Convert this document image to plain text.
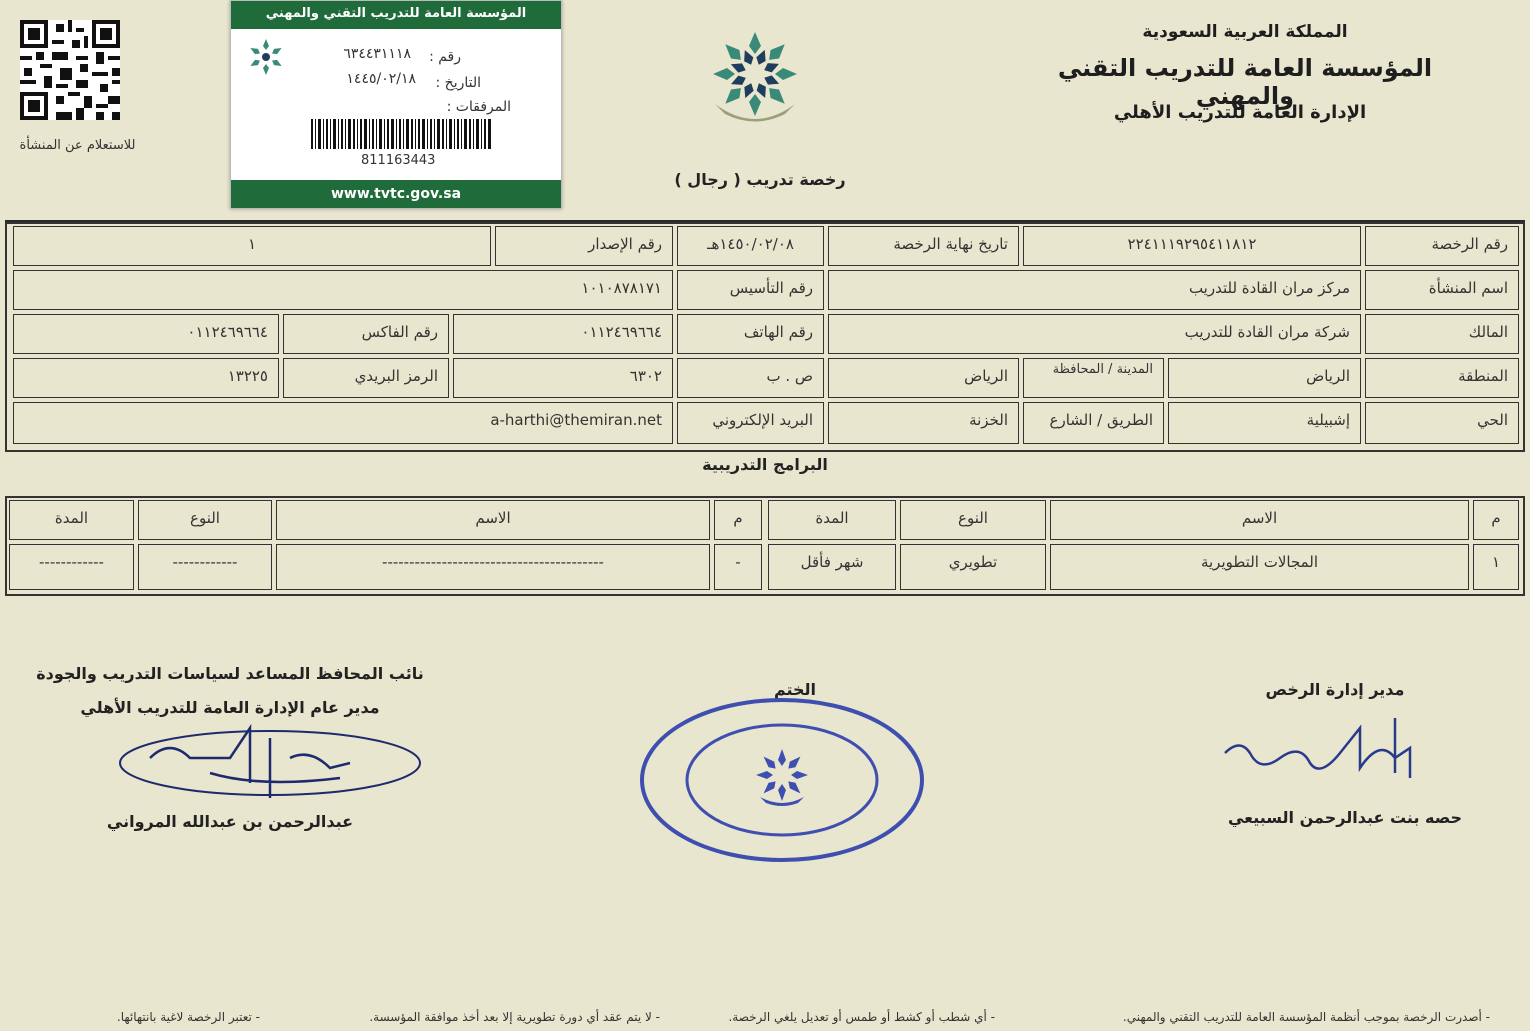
المملكة العربية السعودية
المؤسسة العامة للتدريب التقني والمهني
الإدارة العامة للتدريب الأهلي
للاستعلام عن المنشأة
المؤسسة العامة للتدريب التقني والمهني
رقم :
٦٣٤٤٣١١١٨
التاريخ :
١٤٤٥/٠٢/١٨
المرفقات :
811163443
www.tvtc.gov.sa
رخصة تدريب ( رجال )
رقم الرخصة
٢٢٤١١١٩٢٩٥٤١١٨١٢
تاريخ نهاية الرخصة
١٤٥٠/٠٢/٠٨هـ
رقم الإصدار
١
اسم المنشأة
مركز مران القادة للتدريب
رقم التأسيس
١٠١٠٨٧٨١٧١
المالك
شركة مران القادة للتدريب
رقم الهاتف
٠١١٢٤٦٩٦٦٤
رقم الفاكس
٠١١٢٤٦٩٦٦٤
المنطقة
الرياض
المدينة / المحافظة
الرياض
ص . ب
٦٣٠٢
الرمز البريدي
١٣٢٢٥
الحي
إشبيلية
الطريق / الشارع
الخزنة
البريد الإلكتروني
a-harthi@themiran.net
البرامج التدريبية
م
الاسم
النوع
المدة
م
الاسم
النوع
المدة
١
المجالات التطويرية
تطويري
شهر فأقل
-
-----------------------------------------
------------
------------
مدير إدارة الرخص
حصه بنت عبدالرحمن السبيعي
الختم
نائب المحافظ المساعد لسياسات التدريب والجودة
مدير عام الإدارة العامة للتدريب الأهلي
عبدالرحمن بن عبدالله المرواني
- أصدرت الرخصة بموجب أنظمة المؤسسة العامة للتدريب التقني والمهني.
- أي شطب أو كشط أو طمس أو تعديل يلغي الرخصة.
- لا يتم عقد أي دورة تطويرية إلا بعد أخذ موافقة المؤسسة.
- تعتبر الرخصة لاغية بانتهائها.
